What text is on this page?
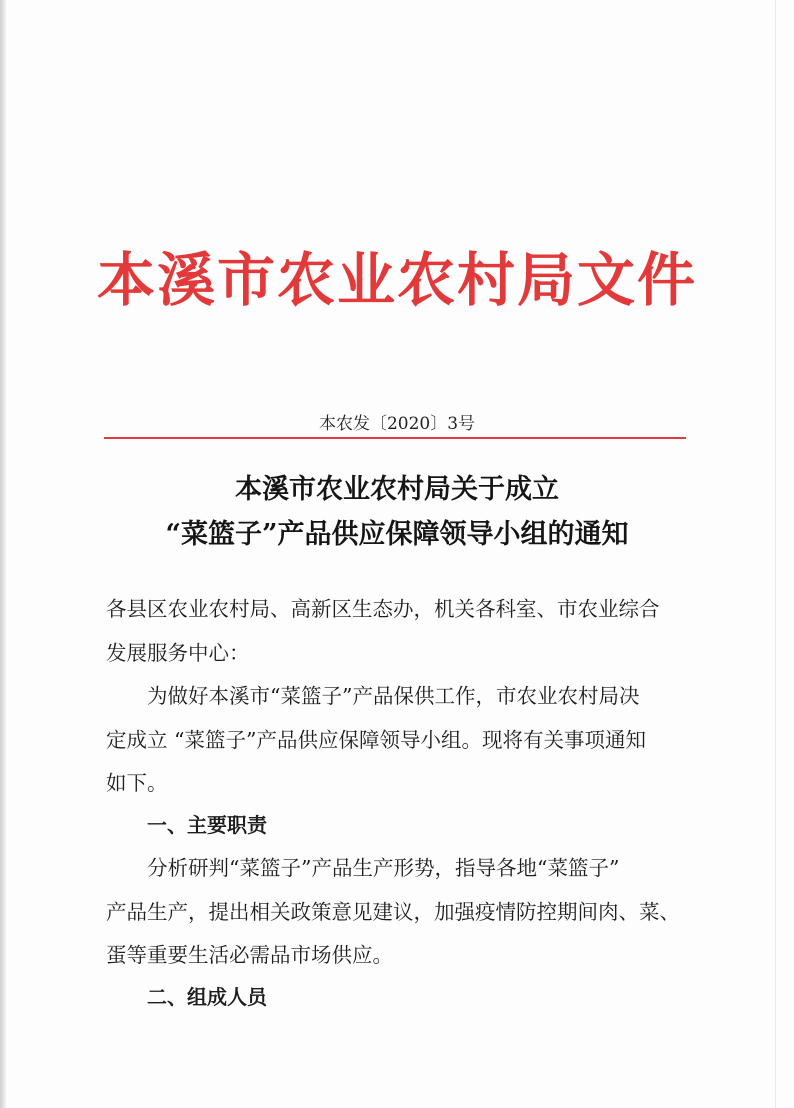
本溪市农业农村局文件
本农发〔2020〕3号
本溪市农业农村局关于成立
“菜篮子”产品供应保障领导小组的通知
各县区农业农村局、高新区生态办，机关各科室、市农业综合
发展服务中心：
为做好本溪市“菜篮子”产品保供工作，市农业农村局决
定成立 “菜篮子”产品供应保障领导小组。现将有关事项通知
如下。
一、主要职责
分析研判“菜篮子”产品生产形势，指导各地“菜篮子”
产品生产，提出相关政策意见建议，加强疫情防控期间肉、菜、
蛋等重要生活必需品市场供应。
二、组成人员
